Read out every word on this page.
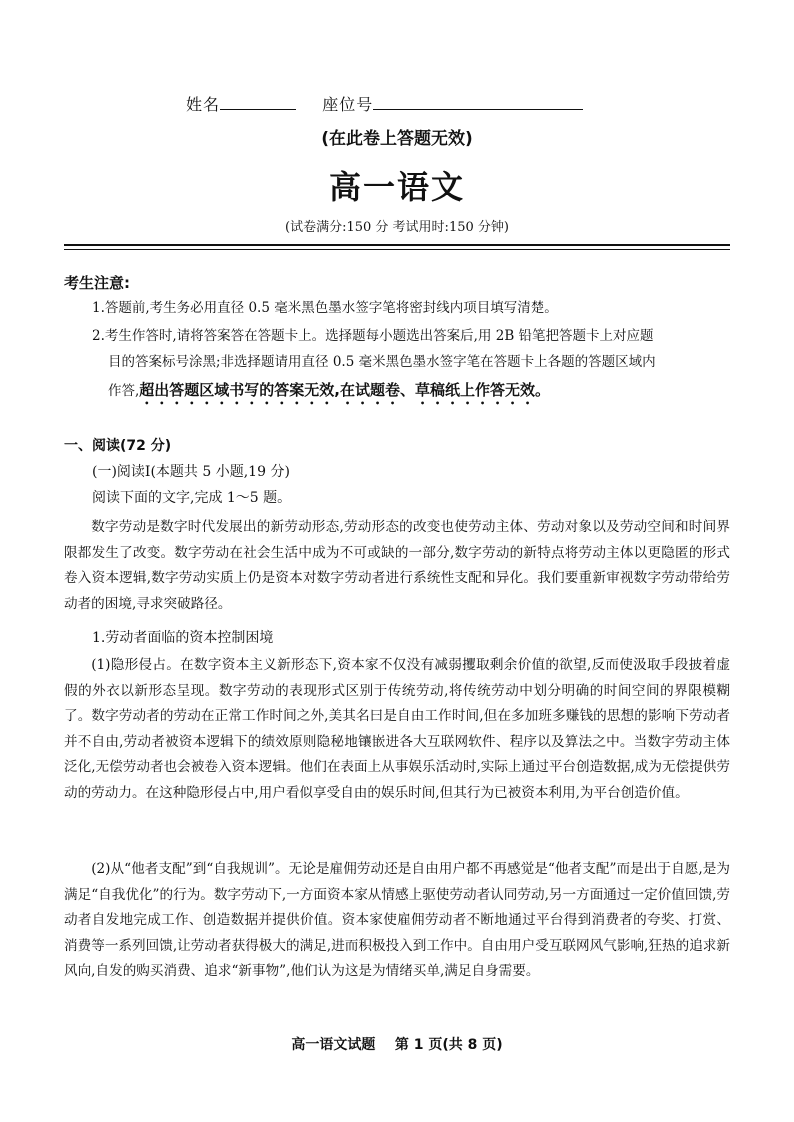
姓名	座位号
(在此卷上答题无效)
高一语文
(试卷满分:150 分 考试用时:150 分钟)
考生注意:
1.答题前,考生务必用直径 0.5 毫米黑色墨水签字笔将密封线内项目填写清楚。
2.考生作答时,请将答案答在答题卡上。选择题每小题选出答案后,用 2B 铅笔把答题卡上对应题
目的答案标号涂黑;非选择题请用直径 0.5 毫米黑色墨水签字笔在答题卡上各题的答题区域内
作答,超出答题区域书写的答案无效,在试题卷、草稿纸上作答无效。
一、阅读(72 分)
(一)阅读Ⅰ(本题共 5 小题,19 分)
阅读下面的文字,完成 1～5 题。
数字劳动是数字时代发展出的新劳动形态,劳动形态的改变也使劳动主体、劳动对象以及劳动空间和时间界限都发生了改变。数字劳动在社会生活中成为不可或缺的一部分,数字劳动的新特点将劳动主体以更隐匿的形式卷入资本逻辑,数字劳动实质上仍是资本对数字劳动者进行系统性支配和异化。我们要重新审视数字劳动带给劳动者的困境,寻求突破路径。
1.劳动者面临的资本控制困境
(1)隐形侵占。在数字资本主义新形态下,资本家不仅没有减弱攫取剩余价值的欲望,反而使汲取手段披着虚假的外衣以新形态呈现。数字劳动的表现形式区别于传统劳动,将传统劳动中划分明确的时间空间的界限模糊了。数字劳动者的劳动在正常工作时间之外,美其名曰是自由工作时间,但在多加班多赚钱的思想的影响下劳动者并不自由,劳动者被资本逻辑下的绩效原则隐秘地镶嵌进各大互联网软件、程序以及算法之中。当数字劳动主体泛化,无偿劳动者也会被卷入资本逻辑。他们在表面上从事娱乐活动时,实际上通过平台创造数据,成为无偿提供劳动的劳动力。在这种隐形侵占中,用户看似享受自由的娱乐时间,但其行为已被资本利用,为平台创造价值。
(2)从“他者支配”到“自我规训”。无论是雇佣劳动还是自由用户都不再感觉是“他者支配”而是出于自愿,是为满足“自我优化”的行为。数字劳动下,一方面资本家从情感上驱使劳动者认同劳动,另一方面通过一定价值回馈,劳动者自发地完成工作、创造数据并提供价值。资本家使雇佣劳动者不断地通过平台得到消费者的夸奖、打赏、消费等一系列回馈,让劳动者获得极大的满足,进而积极投入到工作中。自由用户受互联网风气影响,狂热的追求新风向,自发的购买消费、追求“新事物”,他们认为这是为情绪买单,满足自身需要。
高一语文试题    第 1 页(共 8 页)
